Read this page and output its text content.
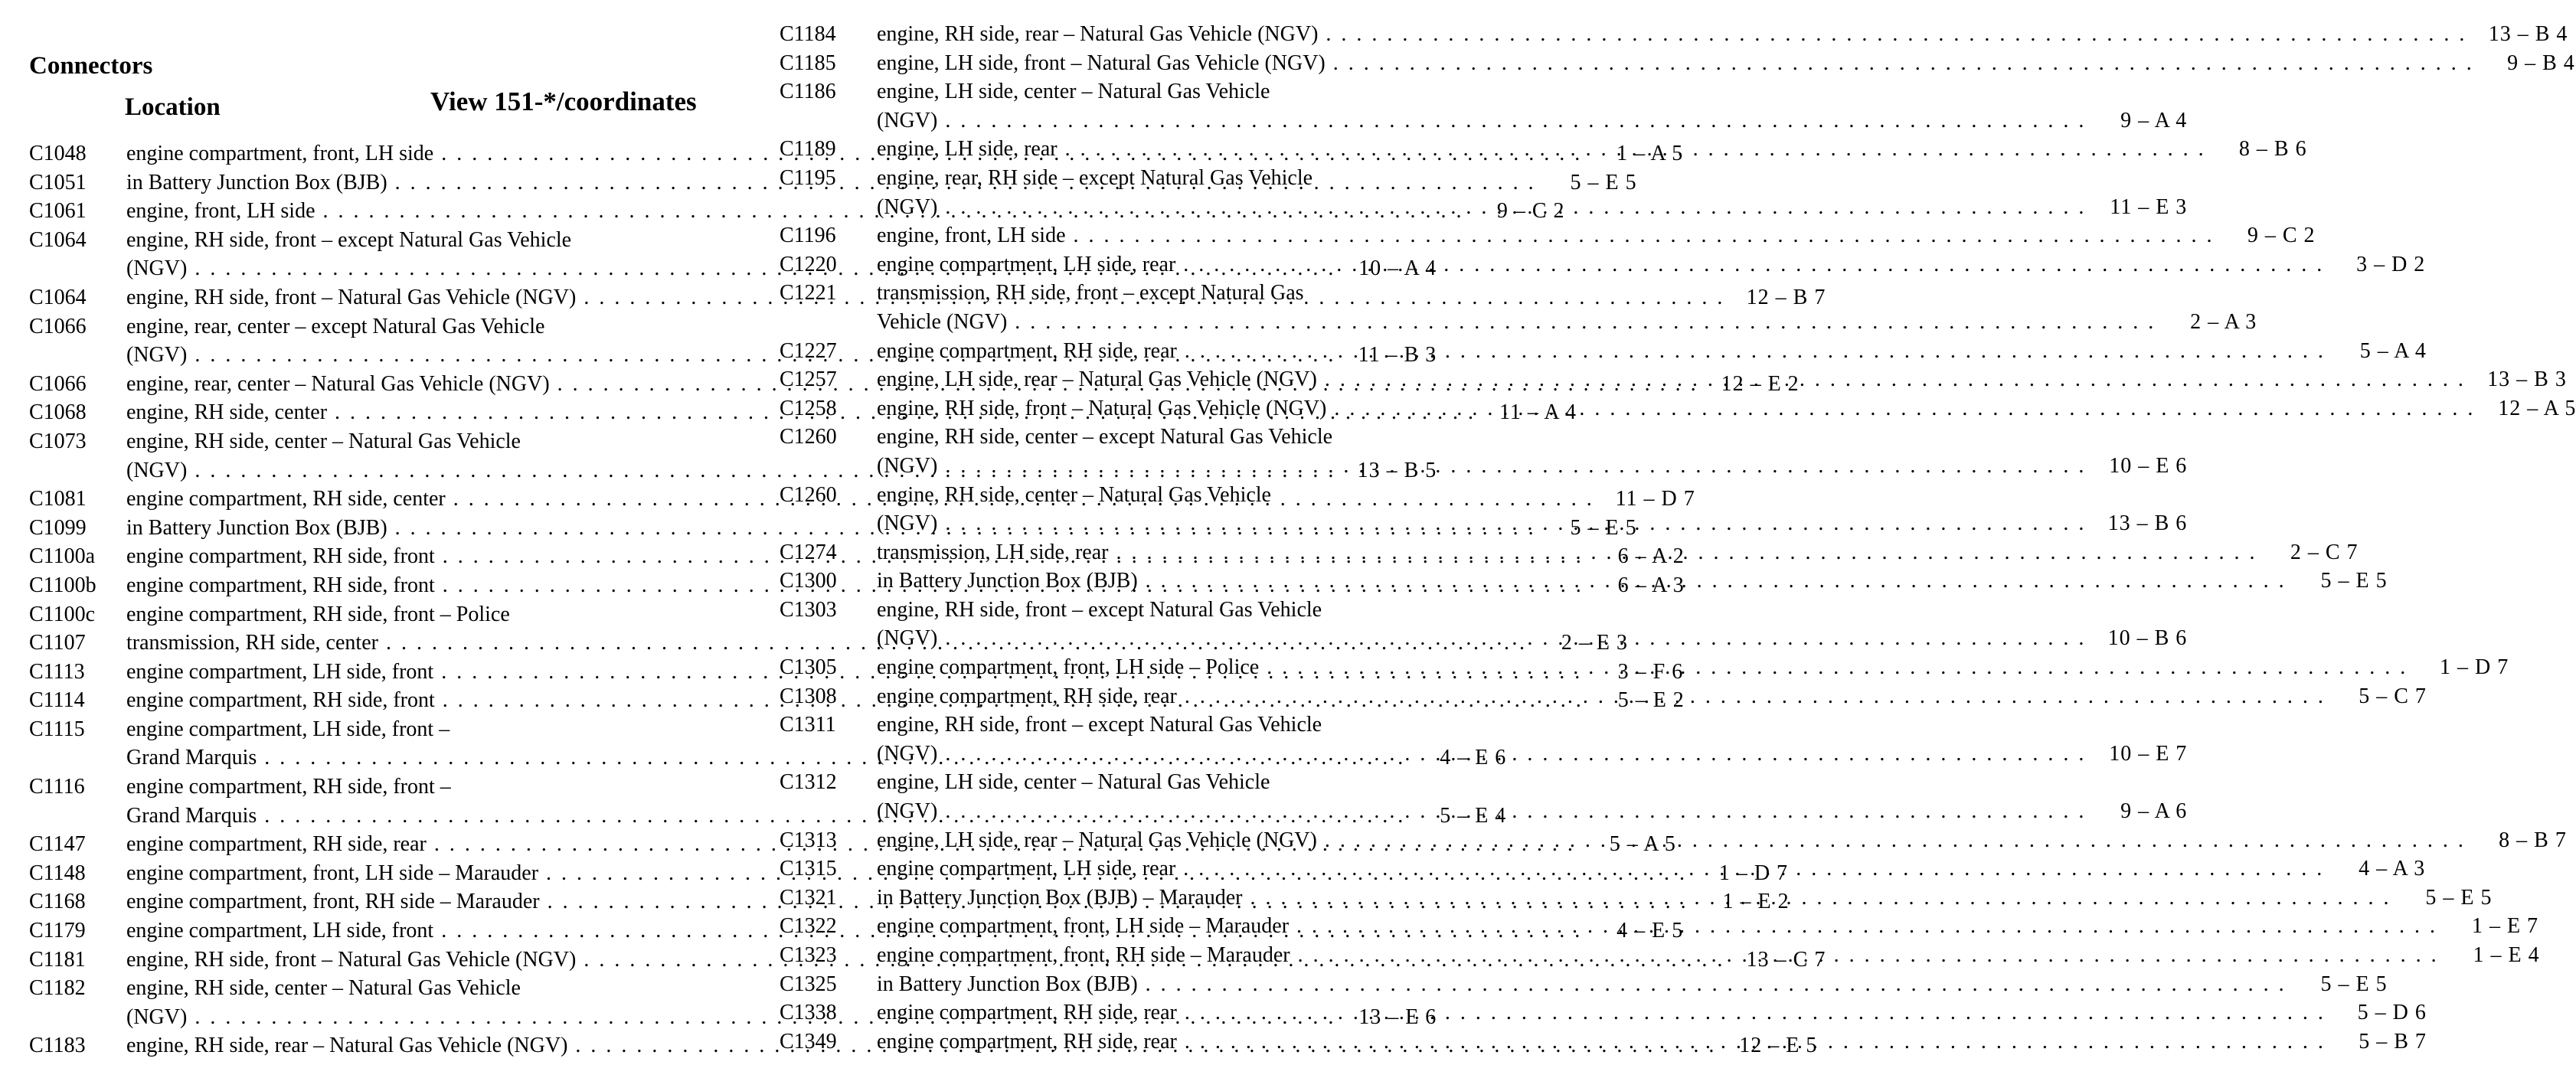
Connectors
Location	View 151-*/coordinates
C1048	engine compartment, front, LH side . . .	1 – A 5
C1051	in Battery Junction Box (BJB) . . .	5 – E 5
C1061	engine, front, LH side . . .	9 – C 2
C1064	engine, RH side, front – except Natural Gas Vehicle
(NGV) . . .	10 – A 4
C1064	engine, RH side, front – Natural Gas Vehicle (NGV) . . .	12 – B 7
C1066	engine, rear, center – except Natural Gas Vehicle
(NGV) . . .	11 – B 3
C1066	engine, rear, center – Natural Gas Vehicle (NGV) . . .	12 – E 2
C1068	engine, RH side, center . . .	11 – A 4
C1073	engine, RH side, center – Natural Gas Vehicle
(NGV) . . .	13 – B 5
C1081	engine compartment, RH side, center . . .	11 – D 7
C1099	in Battery Junction Box (BJB) . . .	5 – E 5
C1100a	engine compartment, RH side, front . . .	6 – A 2
C1100b	engine compartment, RH side, front . . .	6 – A 3
C1100c	engine compartment, RH side, front – Police
C1107	transmission, RH side, center . . .	2 – E 3
C1113	engine compartment, LH side, front . . .	3 – F 6
C1114	engine compartment, RH side, front . . .	5 – E 2
C1115	engine compartment, LH side, front –
Grand Marquis . . .	4 – E 6
C1116	engine compartment, RH side, front –
Grand Marquis . . .	5 – E 4
C1147	engine compartment, RH side, rear . . .	5 – A 5
C1148	engine compartment, front, LH side – Marauder . . .	1 – D 7
C1168	engine compartment, front, RH side – Marauder . . .	1 – E 2
C1179	engine compartment, LH side, front . . .	4 – E 5
C1181	engine, RH side, front – Natural Gas Vehicle (NGV) . . .	13 – C 7
C1182	engine, RH side, center – Natural Gas Vehicle
(NGV) . . .	13 – E 6
C1183	engine, RH side, rear – Natural Gas Vehicle (NGV) . . .	12 – E 5
C1184	engine, RH side, rear – Natural Gas Vehicle (NGV) . . .	13 – B 4
C1185	engine, LH side, front – Natural Gas Vehicle (NGV) . . .	9 – B 4
C1186	engine, LH side, center – Natural Gas Vehicle
(NGV) . . .	9 – A 4
C1189	engine, LH side, rear . . .	8 – B 6
C1195	engine, rear, RH side – except Natural Gas Vehicle
(NGV) . . .	11 – E 3
C1196	engine, front, LH side . . .	9 – C 2
C1220	engine compartment, LH side, rear . . .	3 – D 2
C1221	transmission, RH side, front – except Natural Gas
Vehicle (NGV) . . .	2 – A 3
C1227	engine compartment, RH side, rear . . .	5 – A 4
C1257	engine, LH side, rear – Natural Gas Vehicle (NGV) . . .	13 – B 3
C1258	engine, RH side, front – Natural Gas Vehicle (NGV) . . .	12 – A 5
C1260	engine, RH side, center – except Natural Gas Vehicle
(NGV) . . .	10 – E 6
C1260	engine, RH side, center – Natural Gas Vehicle
(NGV) . . .	13 – B 6
C1274	transmission, LH side, rear . . .	2 – C 7
C1300	in Battery Junction Box (BJB) . . .	5 – E 5
C1303	engine, RH side, front – except Natural Gas Vehicle
(NGV) . . .	10 – B 6
C1305	engine compartment, front, LH side – Police . . .	1 – D 7
C1308	engine compartment, RH side, rear . . .	5 – C 7
C1311	engine, RH side, front – except Natural Gas Vehicle
(NGV) . . .	10 – E 7
C1312	engine, LH side, center – Natural Gas Vehicle
(NGV) . . .	9 – A 6
C1313	engine, LH side, rear – Natural Gas Vehicle (NGV) . . .	8 – B 7
C1315	engine compartment, LH side, rear . . .	4 – A 3
C1321	in Battery Junction Box (BJB) – Marauder . . .	5 – E 5
C1322	engine compartment, front, LH side – Marauder . . .	1 – E 7
C1323	engine compartment, front, RH side – Marauder . . .	1 – E 4
C1325	in Battery Junction Box (BJB) . . .	5 – E 5
C1338	engine compartment, RH side, rear . . .	5 – D 6
C1349	engine compartment, RH side, rear . . .	5 – B 7
